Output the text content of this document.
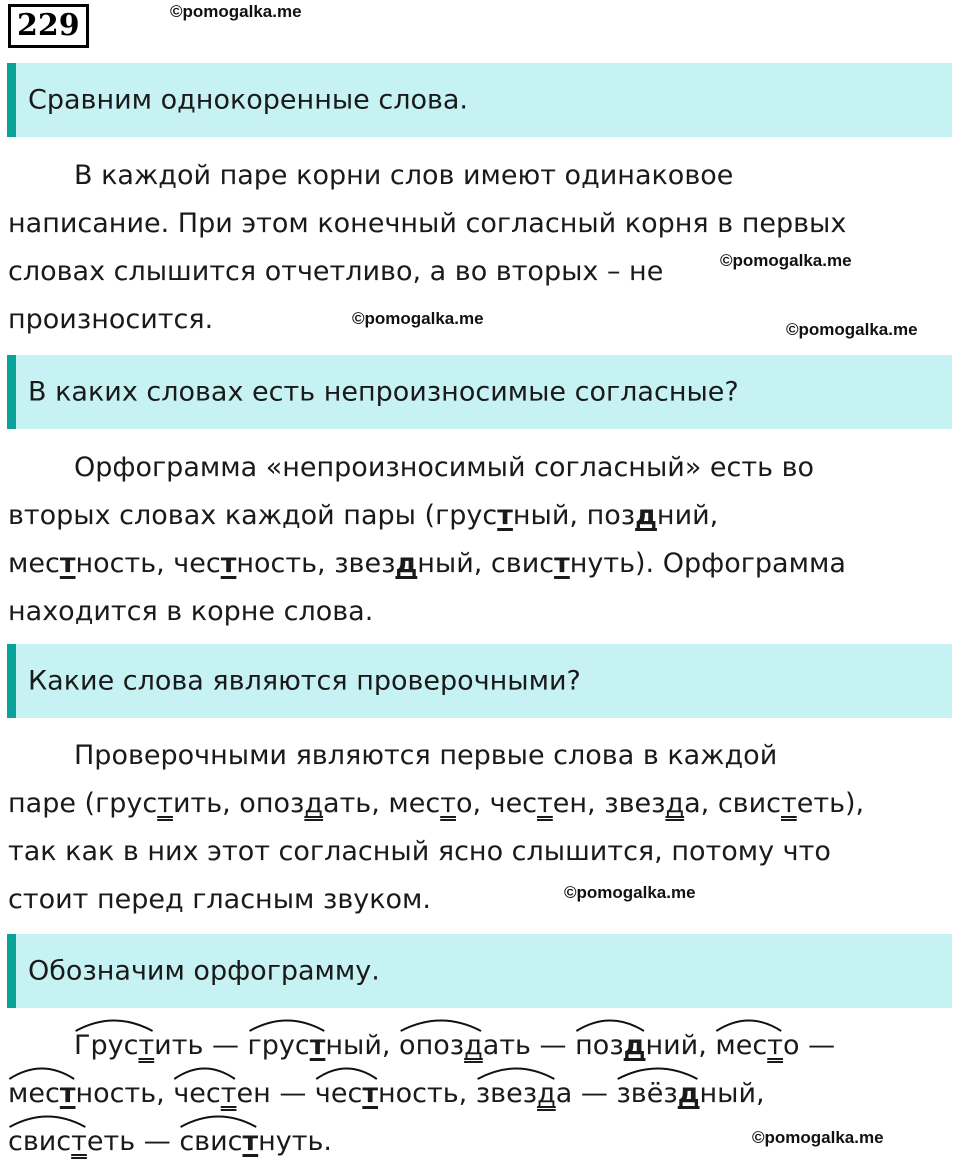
229	©pomogalka.me
Сравним однокоренные слова.
В каждой паре корни слов имеют одинаковое
написание. При этом конечный согласный корня в первых
словах слышится отчетливо, а во вторых – не
произносится.
©pomogalka.me
©pomogalka.me
©pomogalka.me
В каких словах есть непроизносимые согласные?
Орфограмма «непроизносимый согласный» есть во
вторых словах каждой пары (грустный, поздний,
местность, честность, звездный, свистнуть). Орфограмма
находится в корне слова.
Какие слова являются проверочными?
Проверочными являются первые слова в каждой
паре (грустить, опоздать, место, честен, звезда, свистеть),
так как в них этот согласный ясно слышится, потому что
стоит перед гласным звуком.	©pomogalka.me
Обозначим орфограмму.
Грустить —
грустный,
опоздать —
поздний,
место —
местность,
честен —
честность,
звезда —
звёздный,
свистеть —
свистнуть.	©pomogalka.me
